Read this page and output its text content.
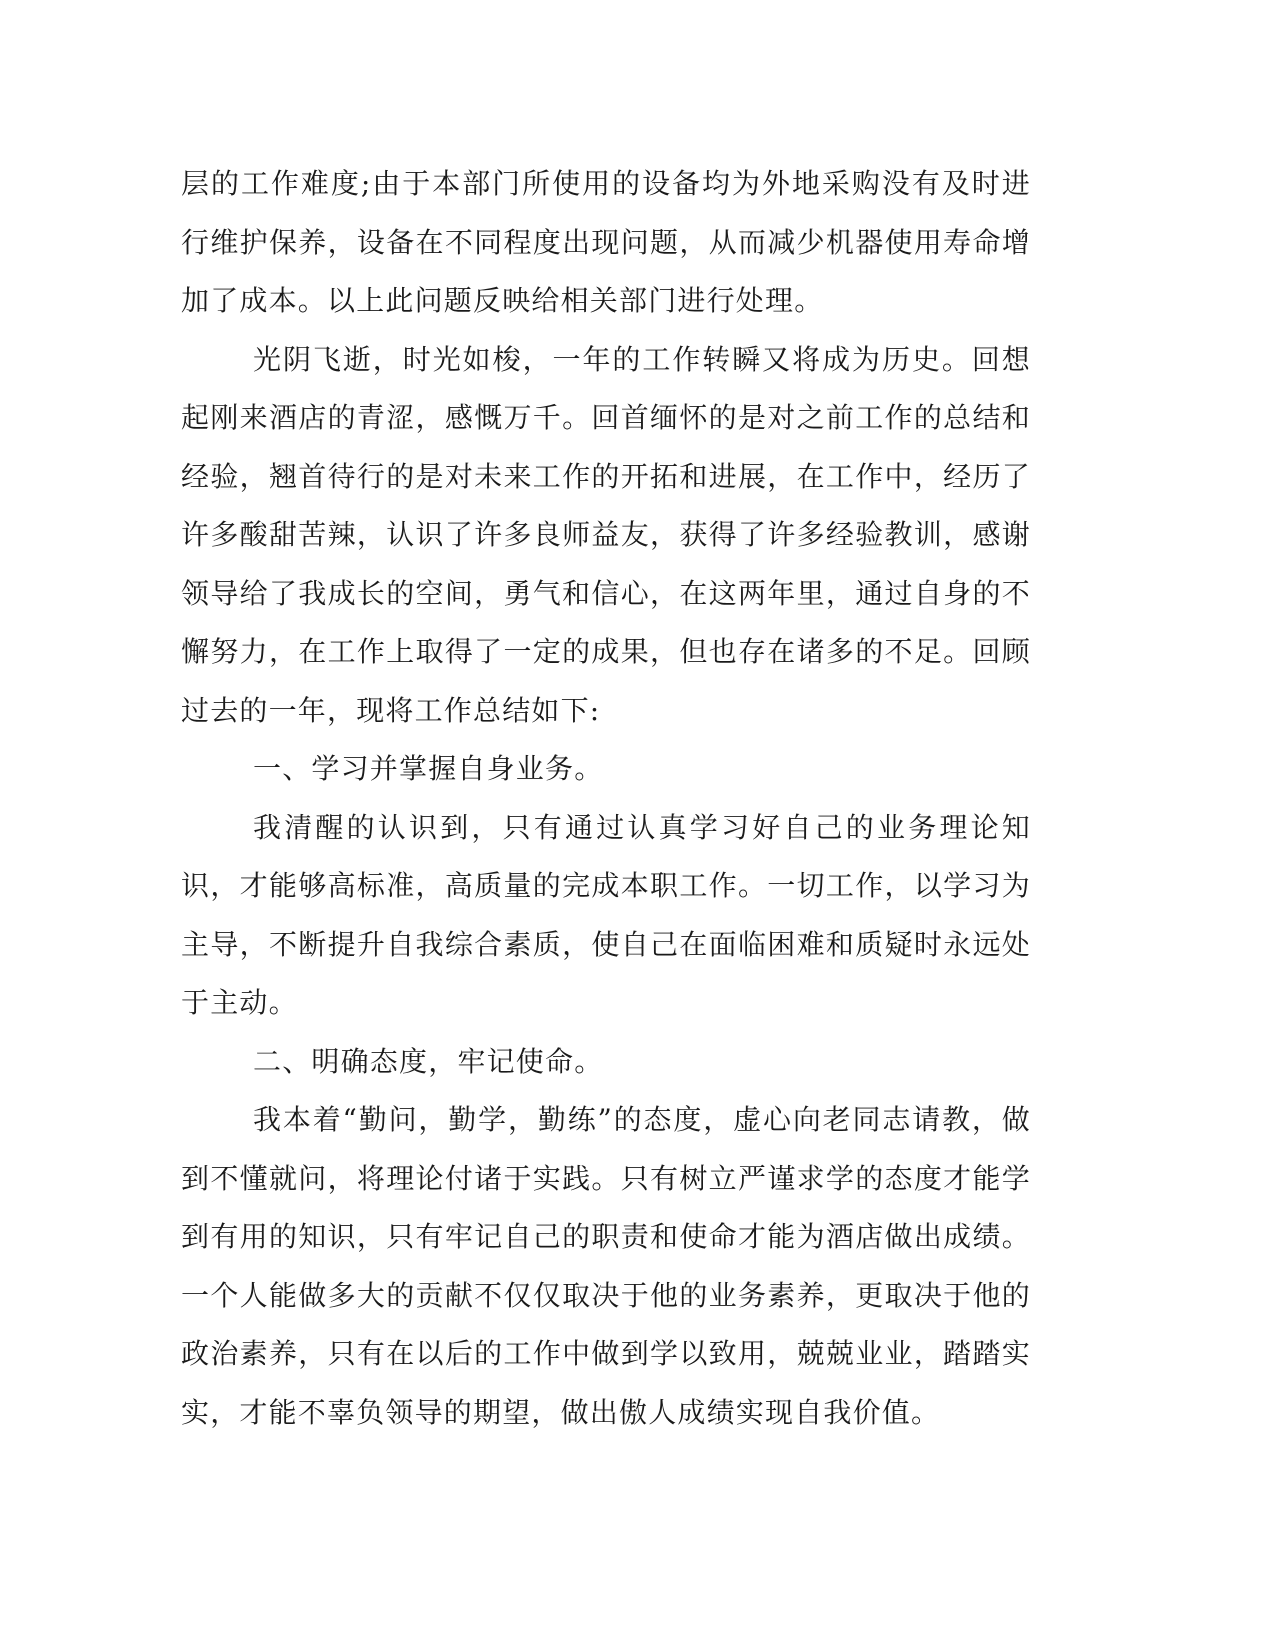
层的工作难度;由于本部门所使用的设备均为外地采购没有及时进行维护保养，设备在不同程度出现问题，从而减少机器使用寿命增加了成本。以上此问题反映给相关部门进行处理。

光阴飞逝，时光如梭，一年的工作转瞬又将成为历史。回想起刚来酒店的青涩，感慨万千。回首缅怀的是对之前工作的总结和经验，翘首待行的是对未来工作的开拓和进展，在工作中，经历了许多酸甜苦辣，认识了许多良师益友，获得了许多经验教训，感谢领导给了我成长的空间，勇气和信心，在这两年里，通过自身的不懈努力，在工作上取得了一定的成果，但也存在诸多的不足。回顾过去的一年，现将工作总结如下:

一、学习并掌握自身业务。

我清醒的认识到，只有通过认真学习好自己的业务理论知识，才能够高标准，高质量的完成本职工作。一切工作，以学习为主导，不断提升自我综合素质，使自己在面临困难和质疑时永远处于主动。

二、明确态度，牢记使命。

我本着“勤问，勤学，勤练”的态度，虚心向老同志请教，做到不懂就问，将理论付诸于实践。只有树立严谨求学的态度才能学到有用的知识，只有牢记自己的职责和使命才能为酒店做出成绩。一个人能做多大的贡献不仅仅取决于他的业务素养，更取决于他的政治素养，只有在以后的工作中做到学以致用，兢兢业业，踏踏实实，才能不辜负领导的期望，做出傲人成绩实现自我价值。
